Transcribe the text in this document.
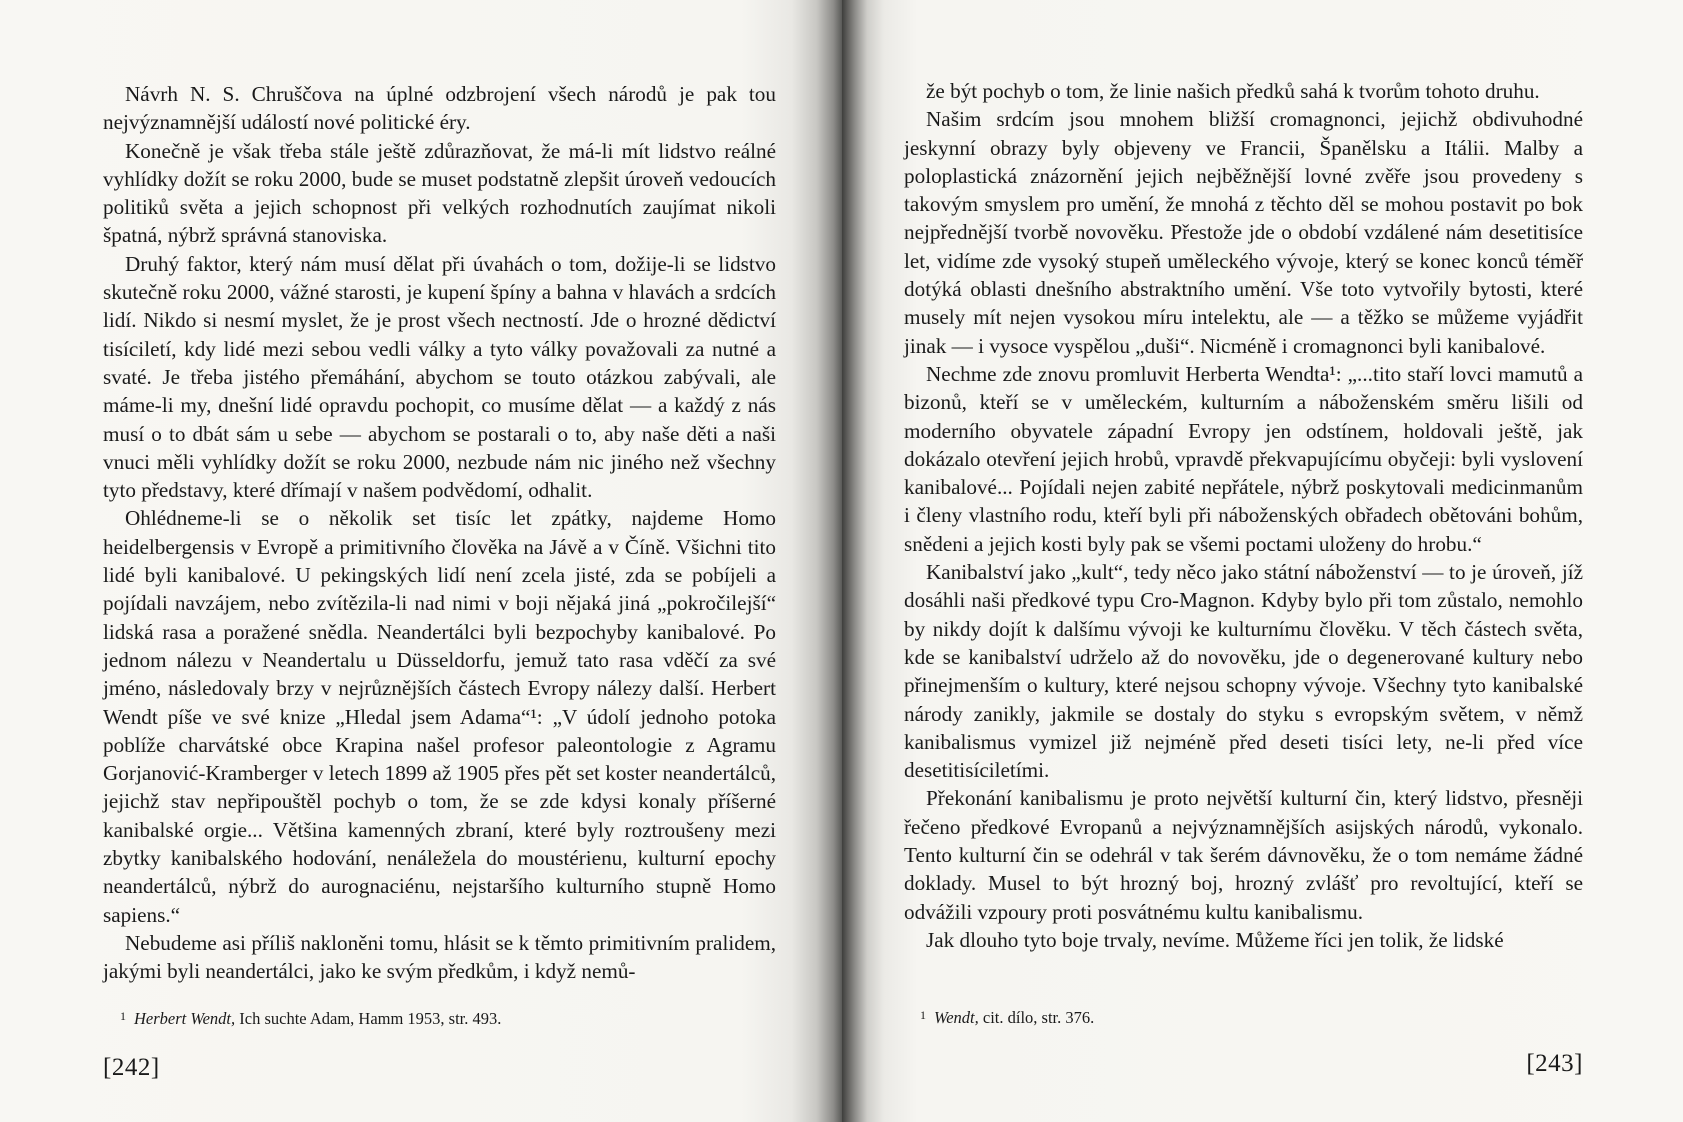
Návrh N. S. Chruščova na úplné odzbrojení všech národů je pak tou nejvýznamnější událostí nové politické éry.

Konečně je však třeba stále ještě zdůrazňovat, že má-li mít lidstvo reálné vyhlídky dožít se roku 2000, bude se muset podstatně zlepšit úroveň vedoucích politiků světa a jejich schopnost při velkých rozhodnutích zaujímat nikoli špatná, nýbrž správná stanoviska.

Druhý faktor, který nám musí dělat při úvahách o tom, dožije-li se lidstvo skutečně roku 2000, vážné starosti, je kupení špíny a bahna v hlavách a srdcích lidí. Nikdo si nesmí myslet, že je prost všech nectností. Jde o hrozné dědictví tisíciletí, kdy lidé mezi sebou vedli války a tyto války považovali za nutné a svaté. Je třeba jistého přemáhání, abychom se touto otázkou zabývali, ale máme-li my, dnešní lidé opravdu pochopit, co musíme dělat — a každý z nás musí o to dbát sám u sebe — abychom se postarali o to, aby naše děti a naši vnuci měli vyhlídky dožít se roku 2000, nezbude nám nic jiného než všechny tyto představy, které dřímají v našem podvědomí, odhalit.

Ohlédneme-li se o několik set tisíc let zpátky, najdeme Homo heidelbergensis v Evropě a primitivního člověka na Jávě a v Číně. Všichni tito lidé byli kanibalové. U pekingských lidí není zcela jisté, zda se pobíjeli a pojídali navzájem, nebo zvítězila-li nad nimi v boji nějaká jiná „pokročilejší“ lidská rasa a poražené snědla. Neandertálci byli bezpochyby kanibalové. Po jednom nálezu v Neandertalu u Düsseldorfu, jemuž tato rasa vděčí za své jméno, následovaly brzy v nejrůznějších částech Evropy nálezy další. Herbert Wendt píše ve své knize „Hledal jsem Adama“¹: „V údolí jednoho potoka poblíže charvátské obce Krapina našel profesor paleontologie z Agramu Gorjanović-Kramberger v letech 1899 až 1905 přes pět set koster neandertálců, jejichž stav nepřipouštěl pochyb o tom, že se zde kdysi konaly příšerné kanibalské orgie... Většina kamenných zbraní, které byly roztroušeny mezi zbytky kanibalského hodování, nenáležela do moustérienu, kulturní epochy neandertálců, nýbrž do aurognaciénu, nejstaršího kulturního stupně Homo sapiens.“

Nebudeme asi příliš nakloněni tomu, hlásit se k těmto primitivním pralidem, jakými byli neandertálci, jako ke svým předkům, i když nemů-

$^1$ Herbert Wendt, Ich suchte Adam, Hamm 1953, str. 493.
[242]

že být pochyb o tom, že linie našich předků sahá k tvorům tohoto druhu.

Našim srdcím jsou mnohem bližší cromagnonci, jejichž obdivuhodné jeskynní obrazy byly objeveny ve Francii, Španělsku a Itálii. Malby a poloplastická znázornění jejich nejběžnější lovné zvěře jsou provedeny s takovým smyslem pro umění, že mnohá z těchto děl se mohou postavit po bok nejpřednější tvorbě novověku. Přestože jde o období vzdálené nám desetitisíce let, vidíme zde vysoký stupeň uměleckého vývoje, který se konec konců téměř dotýká oblasti dnešního abstraktního umění. Vše toto vytvořily bytosti, které musely mít nejen vysokou míru intelektu, ale — a těžko se můžeme vyjádřit jinak — i vysoce vyspělou „duši“. Nicméně i cromagnonci byli kanibalové.

Nechme zde znovu promluvit Herberta Wendta¹: „...tito staří lovci mamutů a bizonů, kteří se v uměleckém, kulturním a náboženském směru lišili od moderního obyvatele západní Evropy jen odstínem, holdovali ještě, jak dokázalo otevření jejich hrobů, vpravdě překvapujícímu obyčeji: byli vyslovení kanibalové... Pojídali nejen zabité nepřátele, nýbrž poskytovali medicinmanům i členy vlastního rodu, kteří byli při náboženských obřadech obětováni bohům, snědeni a jejich kosti byly pak se všemi poctami uloženy do hrobu.“

Kanibalství jako „kult“, tedy něco jako státní náboženství — to je úroveň, jíž dosáhli naši předkové typu Cro-Magnon. Kdyby bylo při tom zůstalo, nemohlo by nikdy dojít k dalšímu vývoji ke kulturnímu člověku. V těch částech světa, kde se kanibalství udrželo až do novověku, jde o degenerované kultury nebo přinejmenším o kultury, které nejsou schopny vývoje. Všechny tyto kanibalské národy zanikly, jakmile se dostaly do styku s evropským světem, v němž kanibalismus vymizel již nejméně před deseti tisíci lety, ne-li před více desetitisíciletími.

Překonání kanibalismu je proto největší kulturní čin, který lidstvo, přesněji řečeno předkové Evropanů a nejvýznamnějších asijských národů, vykonalo. Tento kulturní čin se odehrál v tak šerém dávnověku, že o tom nemáme žádné doklady. Musel to být hrozný boj, hrozný zvlášť pro revoltující, kteří se odvážili vzpoury proti posvátnému kultu kanibalismu.

Jak dlouho tyto boje trvaly, nevíme. Můžeme říci jen tolik, že lidské

$^1$ Wendt, cit. dílo, str. 376.
[243]
